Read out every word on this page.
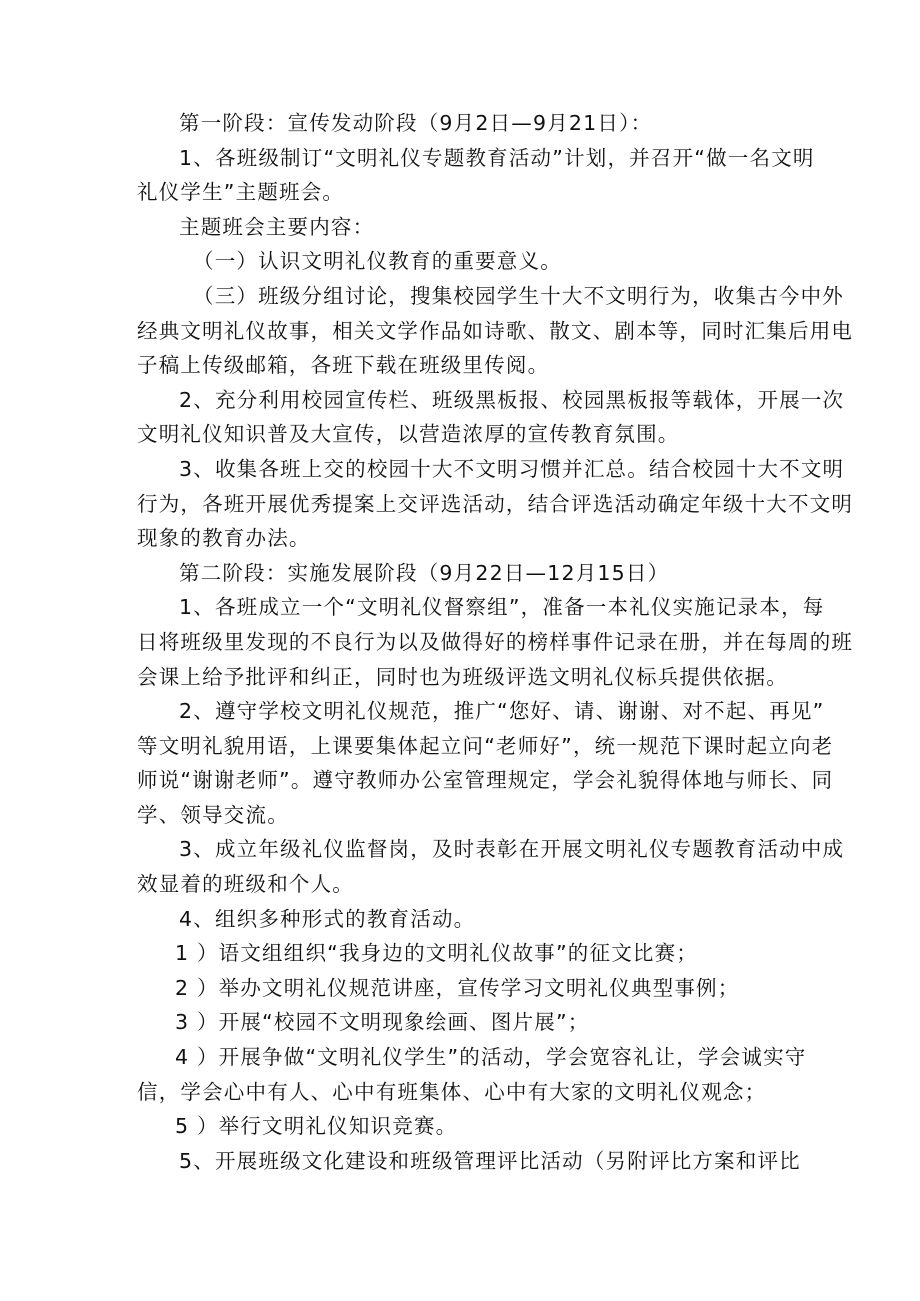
第一阶段：宣传发动阶段（9月2日—9月21日）：
1、各班级制订“文明礼仪专题教育活动”计划，并召开“做一名文明
礼仪学生”主题班会。
主题班会主要内容：
（一）认识文明礼仪教育的重要意义。
（三）班级分组讨论，搜集校园学生十大不文明行为，收集古今中外
经典文明礼仪故事，相关文学作品如诗歌、散文、剧本等，同时汇集后用电
子稿上传级邮箱，各班下载在班级里传阅。
2、充分利用校园宣传栏、班级黑板报、校园黑板报等载体，开展一次
文明礼仪知识普及大宣传，以营造浓厚的宣传教育氛围。
3、收集各班上交的校园十大不文明习惯并汇总。结合校园十大不文明
行为，各班开展优秀提案上交评选活动，结合评选活动确定年级十大不文明
现象的教育办法。
第二阶段：实施发展阶段（9月22日—12月15日）
1、各班成立一个“文明礼仪督察组”，准备一本礼仪实施记录本，每
日将班级里发现的不良行为以及做得好的榜样事件记录在册，并在每周的班
会课上给予批评和纠正，同时也为班级评选文明礼仪标兵提供依据。
2、遵守学校文明礼仪规范，推广“您好、请、谢谢、对不起、再见”
等文明礼貌用语，上课要集体起立问“老师好”，统一规范下课时起立向老
师说“谢谢老师”。遵守教师办公室管理规定，学会礼貌得体地与师长、同
学、领导交流。
3、成立年级礼仪监督岗，及时表彰在开展文明礼仪专题教育活动中成
效显着的班级和个人。
4、组织多种形式的教育活动。
1 ）语文组组织“我身边的文明礼仪故事”的征文比赛；
2 ）举办文明礼仪规范讲座，宣传学习文明礼仪典型事例；
3 ）开展“校园不文明现象绘画、图片展”；
4 ）开展争做“文明礼仪学生”的活动，学会宽容礼让，学会诚实守
信，学会心中有人、心中有班集体、心中有大家的文明礼仪观念；
5 ）举行文明礼仪知识竞赛。
5、开展班级文化建设和班级管理评比活动（另附评比方案和评比
